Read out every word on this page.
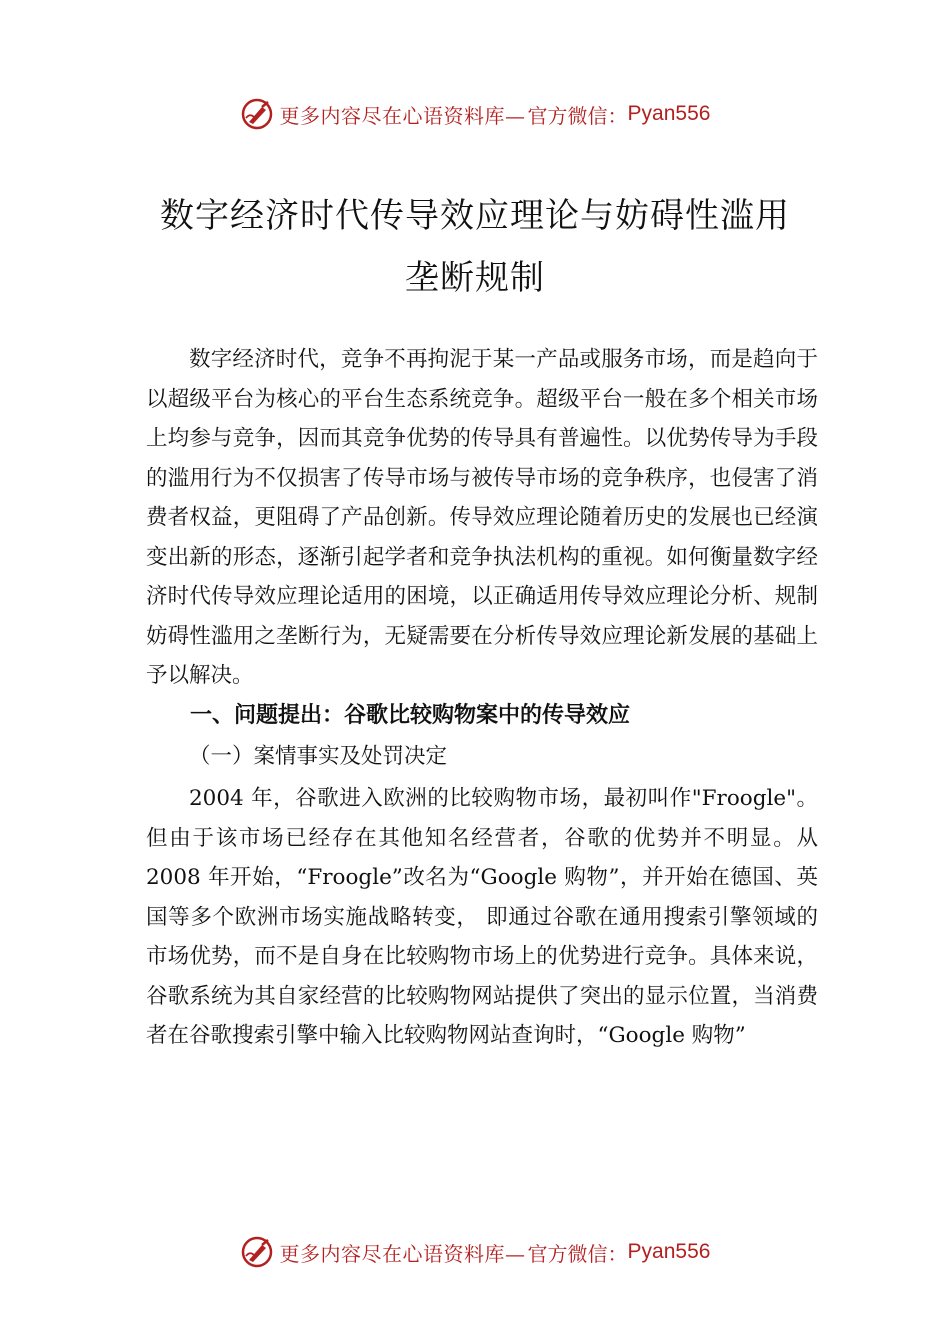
更多内容尽在心语资料库— 官方微信： Pyan556
数字经济时代传导效应理论与妨碍性滥用
垄断规制

数字经济时代，竞争不再拘泥于某一产品或服务市场，而是趋向于以超级平台为核心的平台生态系统竞争。超级平台一般在多个相关市场上均参与竞争，因而其竞争优势的传导具有普遍性。以优势传导为手段的滥用行为不仅损害了传导市场与被传导市场的竞争秩序，也侵害了消费者权益，更阻碍了产品创新。传导效应理论随着历史的发展也已经演变出新的形态，逐渐引起学者和竞争执法机构的重视。如何衡量数字经济时代传导效应理论适用的困境，以正确适用传导效应理论分析、规制妨碍性滥用之垄断行为，无疑需要在分析传导效应理论新发展的基础上予以解决。

一、问题提出：谷歌比较购物案中的传导效应
（一）案情事实及处罚决定

2004 年，谷歌进入欧洲的比较购物市场，最初叫作"Froogle"。但由于该市场已经存在其他知名经营者，谷歌的优势并不明显。从 2008 年开始，“Froogle”改名为“Google 购物”，并开始在德国、英国等多个欧洲市场实施战略转变， 即通过谷歌在通用搜索引擎领域的市场优势，而不是自身在比较购物市场上的优势进行竞争。具体来说，谷歌系统为其自家经营的比较购物网站提供了突出的显示位置，当消费者在谷歌搜索引擎中输入比较购物网站查询时，“Google 购物”

更多内容尽在心语资料库— 官方微信： Pyan556
